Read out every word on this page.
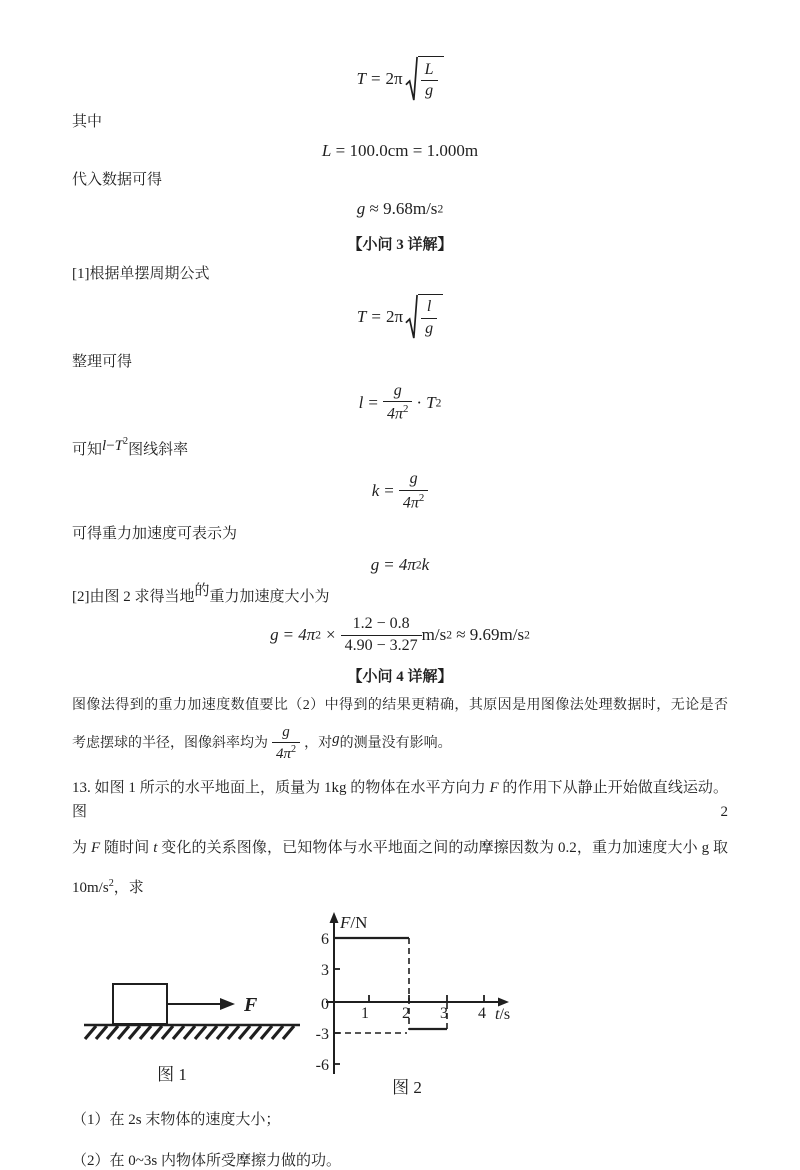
$T = 2\pi \frac{L}{g}$
其中
L = 100.0cm = 1.000m
代入数据可得
g ≈ 9.68m/s2
【小问 3 详解】
[1]根据单摆周期公式
$T = 2\pi \frac{l}{g}$
整理可得
$l = \frac{g}{4\pi^2} \cdot T2$
可知$l-T^2$图线斜率
$k = \frac{g}{4\pi^2}$
可得重力加速度可表示为
g = 4π2k
[2]由图 2 求得当地的重力加速度大小为
$g = 4\pi 2 \times \frac{1.2 - 0.8}{4.90 - 3.27} m/s2 \approx 9.69m/s2$
【小问 4 详解】
图像法得到的重力加速度数值要比（2）中得到的结果更精确，其原因是用图像法处理数据时，无论是否
考虑摆球的半径，图像斜率均为 $\frac{g}{4\pi^2}$ ，对g的测量没有影响。
13. 如图 1 所示的水平地面上，质量为 1kg 的物体在水平方向力 F 的作用下从静止开始做直线运动。图 2
为 F 随时间 t 变化的关系图像，已知物体与水平地面之间的动摩擦因数为 0.2，重力加速度大小 g 取
$10m/s^2$，求
F
图 1
F/N
t/s
6
3
0
-3
-6
1 2 3 4
图 2
（1）在 2s 末物体的速度大小；
（2）在 0~3s 内物体所受摩擦力做的功。
